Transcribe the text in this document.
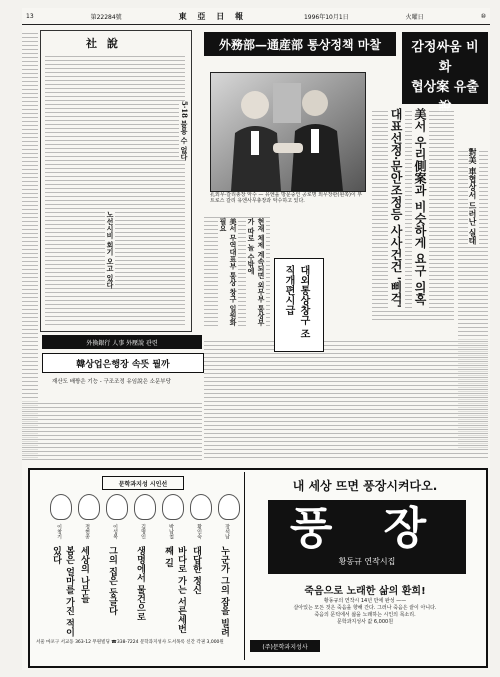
13	第22284號	東 亞 日 報	1996年10月1日	火曜日	⑩
社 說
5·18 불용 수 없다
노선시비 회기 오고 있다
外務部—通産部 통상정책 마찰	감정싸움 비화
협상案 유출
美서 우리側案과 비슷하게 요구 의혹
대표선정·문안조정등 사사건건 '삐걱'	對美 車협상서 드러난 실태
현재 체제 계속되면 외무부 통상부가 따로 놀 수밖에
美서 무역대표부 통상 창구 일원화 필요
孔외무·갈리총장 악수 — 유엔을 방문중인 공로명 외무장관(왼쪽)이 부트로스 갈리 유엔사무총장과 악수하고 있다.
대외통상창구 조직개편시급
外換銀行 人事 外壓說 관련
韓상업은행장 속뜻 뭘까
재산도 배짱은 기능 - 구조조정 유임說은 소문부당
문학과지성 시인선
장석남
누군가 그의 잠을 빌려
황인숙
대답한 정신
박남철
바다로 가는 서른세번째 길
김명인
생명에서 물건으로
이성복
그의 집은 둥글다
정현종
세상의 나무들
이창기
봄은 얼마를 가진 적이 있다
서울 마포구 서교동 363-12 무원빌딩 ☎338-7224 문학과지성사 도서목록 신간 각권 3,000원
(주)문학과지성사
내 세상 뜨면 풍장시켜다오.
풍 장
황동규 연작시집
죽음으로 노래한 삶의 환희!
황동규의 연작시 14년 만에 완성 ——
살아있는 모든 것은 죽음을 향해 간다. 그러나 죽음은 끝이 아니다.
죽음의 문턱에서 삶을 노래하는 시인의 목소리.
문학과지성사 값 6,000원
